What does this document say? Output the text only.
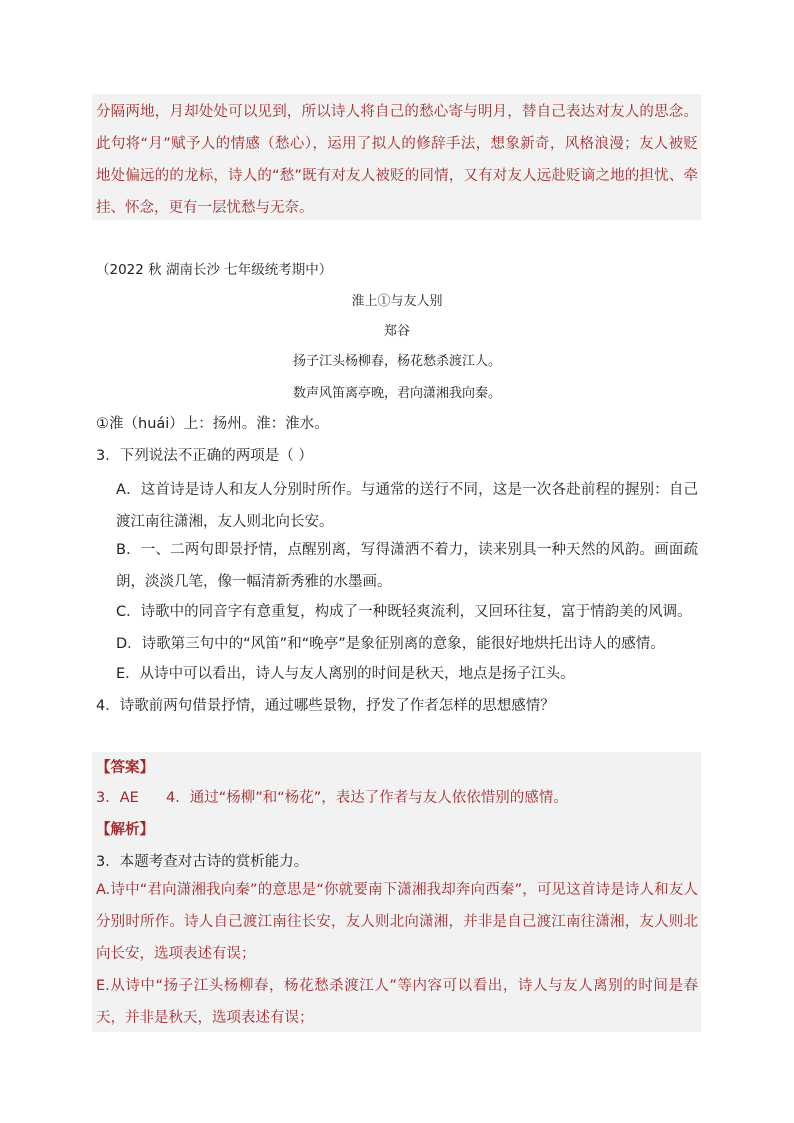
分隔两地，月却处处可以见到，所以诗人将自己的愁心寄与明月，替自己表达对友人的思念。此句将“月”赋予人的情感（愁心），运用了拟人的修辞手法，想象新奇，风格浪漫；友人被贬地处偏远的的龙标，诗人的“愁”既有对友人被贬的同情，又有对友人远赴贬谪之地的担忧、牵挂、怀念，更有一层忧愁与无奈。
（2022 秋 湖南长沙 七年级统考期中）
淮上①与友人别
郑谷
扬子江头杨柳春，杨花愁杀渡江人。
数声风笛离亭晚，君向潇湘我向秦。
①淮（huái）上：扬州。淮：淮水。
3．下列说法不正确的两项是（ ）
A．这首诗是诗人和友人分别时所作。与通常的送行不同，这是一次各赴前程的握别：自己渡江南往潇湘，友人则北向长安。
B．一、二两句即景抒情，点醒别离，写得潇洒不着力，读来别具一种天然的风韵。画面疏朗，淡淡几笔，像一幅清新秀雅的水墨画。
C．诗歌中的同音字有意重复，构成了一种既轻爽流利，又回环往复，富于情韵美的风调。
D．诗歌第三句中的“风笛”和“晚亭”是象征别离的意象，能很好地烘托出诗人的感情。
E．从诗中可以看出，诗人与友人离别的时间是秋天，地点是扬子江头。
4．诗歌前两句借景抒情，通过哪些景物，抒发了作者怎样的思想感情？
【答案】
3．AE 4．通过“杨柳”和“杨花”，表达了作者与友人依依惜别的感情。
【解析】
3．本题考查对古诗的赏析能力。
A.诗中“君向潇湘我向秦”的意思是“你就要南下潇湘我却奔向西秦”，可见这首诗是诗人和友人分别时所作。诗人自己渡江南往长安，友人则北向潇湘，并非是自己渡江南往潇湘，友人则北向长安，选项表述有误；
E.从诗中“扬子江头杨柳春，杨花愁杀渡江人”等内容可以看出，诗人与友人离别的时间是春天，并非是秋天，选项表述有误；
